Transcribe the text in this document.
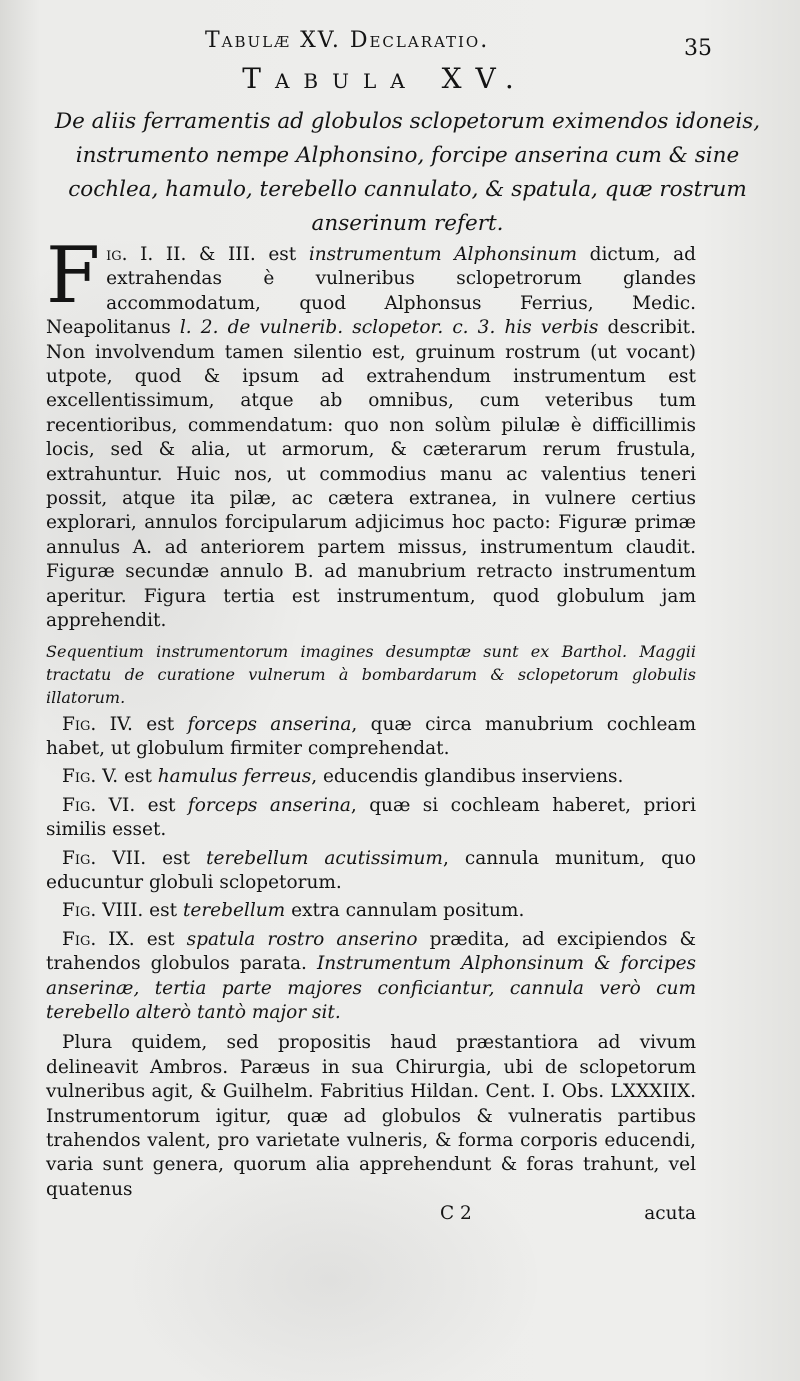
Tabulæ XV. Declaratio.	35
Tabula XV.
De aliis ferramentis ad globulos sclopetorum eximendos idoneis, instrumento nempe Alphonsino, forcipe anserina cum & sine cochlea, hamulo, terebello cannulato, & spatula, quæ rostrum anserinum refert.

Fig. I. II. & III. est instrumentum Alphonsinum dictum, ad extrahendas è vulneribus sclopetrorum glandes accommodatum, quod Alphonsus Ferrius, Medic. Neapolitanus l. 2. de vulnerib. sclopetor. c. 3. his verbis describit. Non involvendum tamen silentio est, gruinum rostrum (ut vocant) utpote, quod & ipsum ad extrahendum instrumentum est excellentissimum, atque ab omnibus, cum veteribus tum recentioribus, commendatum: quo non solùm pilulæ è difficillimis locis, sed & alia, ut armorum, & cæterarum rerum frustula, extrahuntur. Huic nos, ut commodius manu ac valentius teneri possit, atque ita pilæ, ac cætera extranea, in vulnere certius explorari, annulos forcipularum adjicimus hoc pacto: Figuræ primæ annulus A. ad anteriorem partem missus, instrumentum claudit. Figuræ secundæ annulo B. ad manubrium retracto instrumentum aperitur. Figura tertia est instrumentum, quod globulum jam apprehendit.

Sequentium instrumentorum imagines desumptæ sunt ex Barthol. Maggii tractatu de curatione vulnerum à bombardarum & sclopetorum globulis illatorum.

Fig. IV. est forceps anserina, quæ circa manubrium cochleam habet, ut globulum firmiter comprehendat.

Fig. V. est hamulus ferreus, educendis glandibus inserviens.

Fig. VI. est forceps anserina, quæ si cochleam haberet, priori similis esset.

Fig. VII. est terebellum acutissimum, cannula munitum, quo educuntur globuli sclopetorum.

Fig. VIII. est terebellum extra cannulam positum.

Fig. IX. est spatula rostro anserino prædita, ad excipiendos & trahendos globulos parata. Instrumentum Alphonsinum & forcipes anserinæ, tertia parte majores conficiantur, cannula verò cum terebello alterò tantò major sit.

Plura quidem, sed propositis haud præstantiora ad vivum delineavit Ambros. Paræus in sua Chirurgia, ubi de sclopetorum vulneribus agit, & Guilhelm. Fabritius Hildan. Cent. I. Obs. LXXXIIX. Instrumentorum igitur, quæ ad globulos & vulneratis partibus trahendos valent, pro varietate vulneris, & forma corporis educendi, varia sunt genera, quorum alia apprehendunt & foras trahunt, vel quatenus

C 2	acuta
